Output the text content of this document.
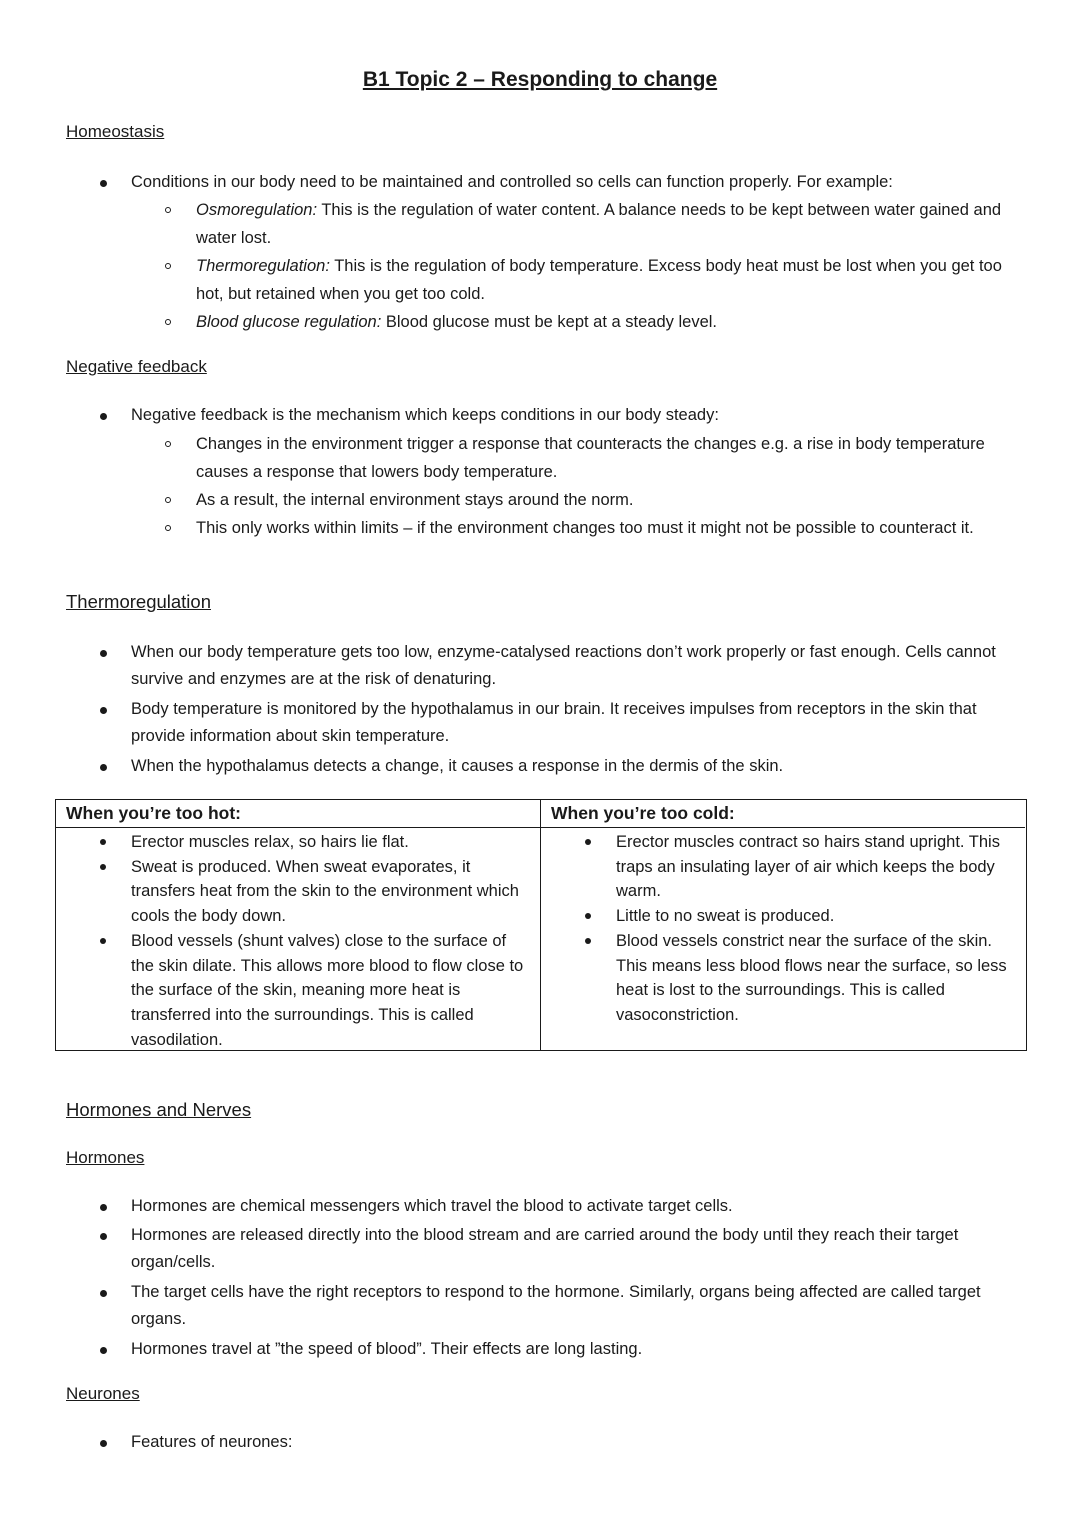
B1 Topic 2 – Responding to change
Homeostasis

Conditions in our body need to be maintained and controlled so cells can function properly. For example:

Osmoregulation: This is the regulation of water content. A balance needs to be kept between water gained and water lost.

Thermoregulation: This is the regulation of body temperature. Excess body heat must be lost when you get too hot, but retained when you get too cold.

Blood glucose regulation: Blood glucose must be kept at a steady level.

Negative feedback

Negative feedback is the mechanism which keeps conditions in our body steady:

Changes in the environment trigger a response that counteracts the changes e.g. a rise in body temperature causes a response that lowers body temperature.

As a result, the internal environment stays around the norm.

This only works within limits – if the environment changes too must it might not be possible to counteract it.

Thermoregulation

When our body temperature gets too low, enzyme-catalysed reactions don’t work properly or fast enough. Cells cannot survive and enzymes are at the risk of denaturing.

Body temperature is monitored by the hypothalamus in our brain. It receives impulses from receptors in the skin that provide information about skin temperature.

When the hypothalamus detects a change, it causes a response in the dermis of the skin.

When you’re too hot:
Erector muscles relax, so hairs lie flat.
Sweat is produced. When sweat evaporates, it transfers heat from the skin to the environment which cools the body down.
Blood vessels (shunt valves) close to the surface of the skin dilate. This allows more blood to flow close to the surface of the skin, meaning more heat is transferred into the surroundings. This is called vasodilation.
When you’re too cold:
Erector muscles contract so hairs stand upright. This traps an insulating layer of air which keeps the body warm.
Little to no sweat is produced.
Blood vessels constrict near the surface of the skin. This means less blood flows near the surface, so less heat is lost to the surroundings. This is called vasoconstriction.
Hormones and Nerves
Hormones

Hormones are chemical messengers which travel the blood to activate target cells.

Hormones are released directly into the blood stream and are carried around the body until they reach their target organ/cells.

The target cells have the right receptors to respond to the hormone. Similarly, organs being affected are called target organs.

Hormones travel at ”the speed of blood”. Their effects are long lasting.

Neurones

Features of neurones:
